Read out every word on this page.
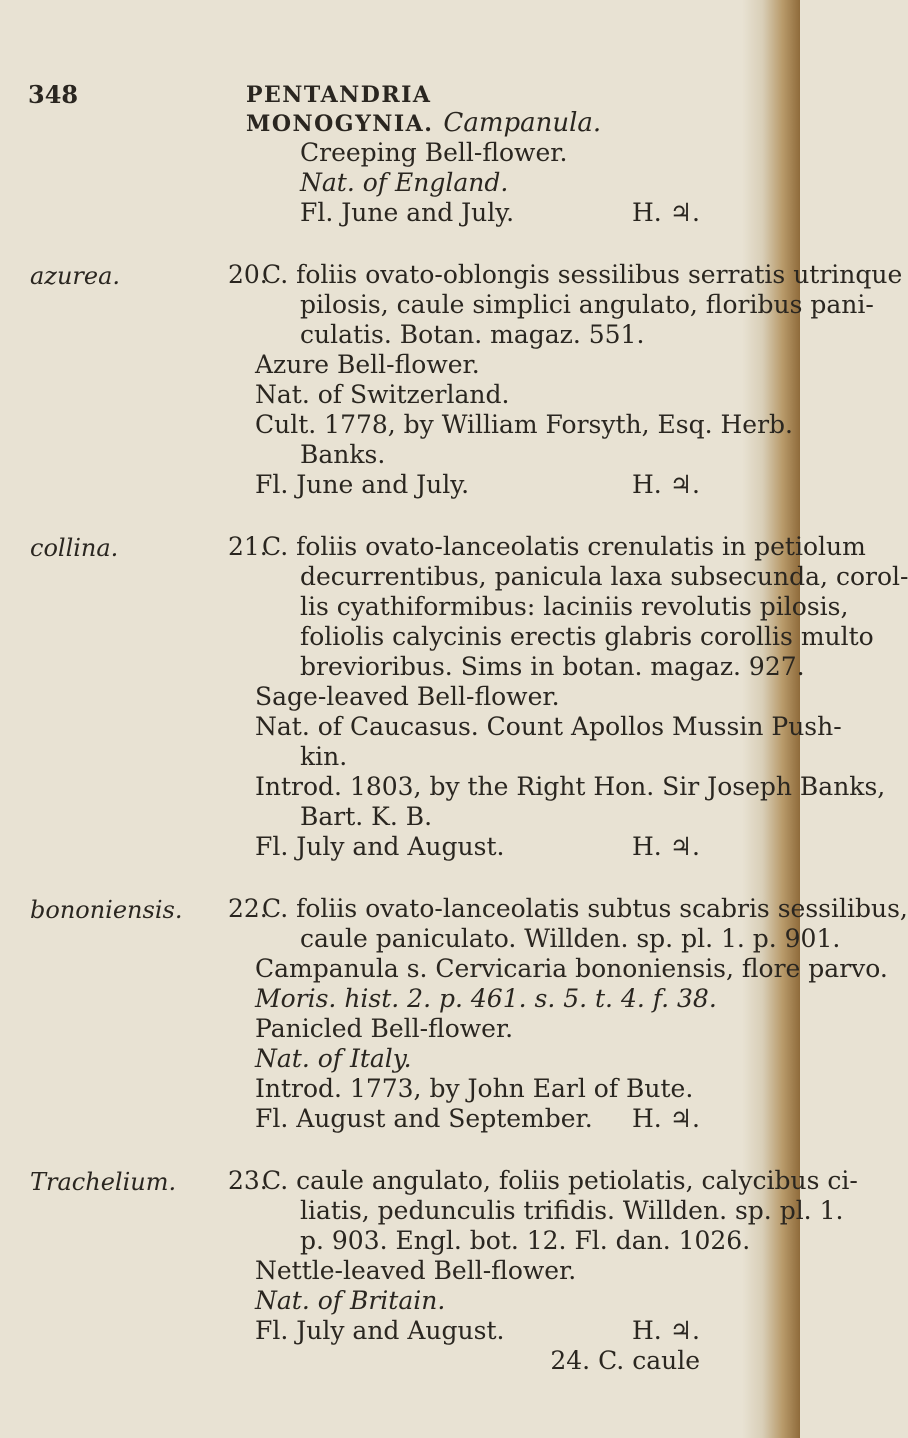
348	PENTANDRIA MONOGYNIA. Campanula.
Creeping Bell-flower.
Nat. of England.
Fl. June and July.	H. ♃.
azurea.	20.
C. foliis ovato-oblongis sessilibus serratis utrinque
pilosis, caule simplici angulato, floribus pani-
culatis. Botan. magaz. 551.
Azure Bell-flower.
Nat. of Switzerland.
Cult. 1778, by William Forsyth, Esq. Herb.
Banks.
Fl. June and July.	H. ♃.
collina.	21.
C. foliis ovato-lanceolatis crenulatis in petiolum
decurrentibus, panicula laxa subsecunda, corol-
lis cyathiformibus: laciniis revolutis pilosis,
foliolis calycinis erectis glabris corollis multo
brevioribus. Sims in botan. magaz. 927.
Sage-leaved Bell-flower.
Nat. of Caucasus. Count Apollos Mussin Push-
kin.
Introd. 1803, by the Right Hon. Sir Joseph Banks,
Bart. K. B.
Fl. July and August.	H. ♃.
bononiensis. 22.
C. foliis ovato-lanceolatis subtus scabris sessilibus,
caule paniculato. Willden. sp. pl. 1. p. 901.
Campanula s. Cervicaria bononiensis, flore parvo.
Moris. hist. 2. p. 461. s. 5. t. 4. f. 38.
Panicled Bell-flower.
Nat. of Italy.
Introd. 1773, by John Earl of Bute.
Fl. August and September. H. ♃.
Trachelium. 23.
C. caule angulato, foliis petiolatis, calycibus ci-
liatis, pedunculis trifidis. Willden. sp. pl. 1.
p. 903. Engl. bot. 12. Fl. dan. 1026.
Nettle-leaved Bell-flower.
Nat. of Britain.
Fl. July and August.	H. ♃.
24. C. caule
